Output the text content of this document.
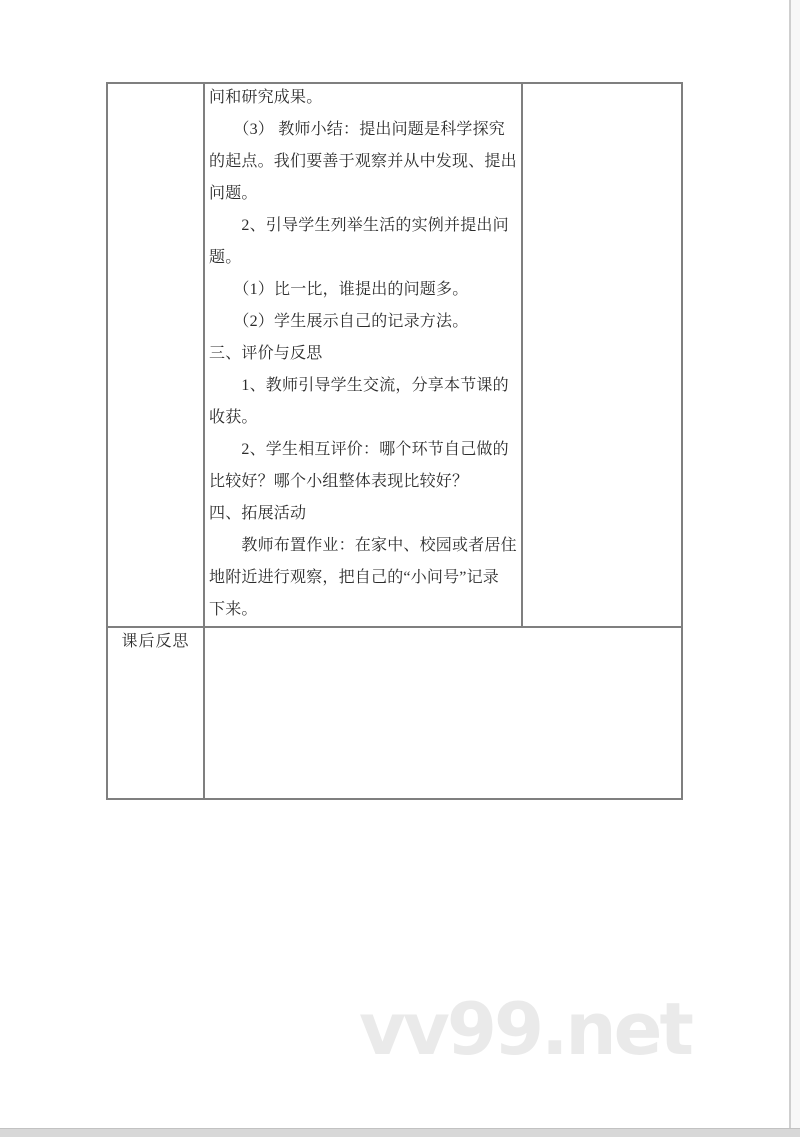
vv99.net

问和研究成果。
　　（3） 教师小结：提出问题是科学探究
的起点。我们要善于观察并从中发现、提出
问题。
　　2、引导学生列举生活的实例并提出问
题。
　　（1）比一比，谁提出的问题多。
　　（2）学生展示自己的记录方法。
三、评价与反思
　　1、教师引导学生交流，分享本节课的
收获。
　　2、学生相互评价：哪个环节自己做的
比较好？哪个小组整体表现比较好？
四、拓展活动
　　教师布置作业：在家中、校园或者居住
地附近进行观察，把自己的“小问号”记录
下来。

课后反思		
